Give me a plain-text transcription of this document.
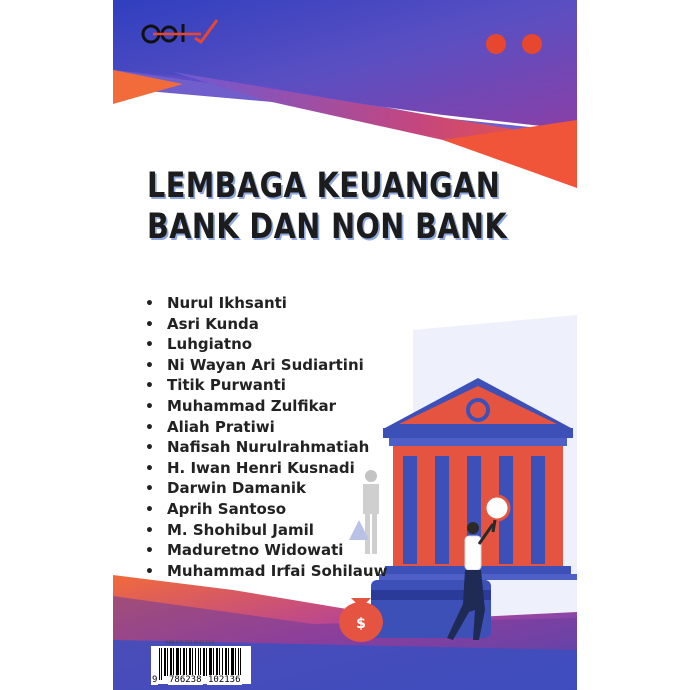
$
LEMBAGA KEUANGAN
BANK DAN NON BANK
• Nurul Ikhsanti
• Asri Kunda
• Luhgiatno
• Ni Wayan Ari Sudiartini
• Titik Purwanti
• Muhammad Zulfikar
• Aliah Pratiwi
• Nafisah Nurulrahmatiah
• H. Iwan Henri Kusnadi
• Darwin Damanik
• Aprih Santoso
• M. Shohibul Jamil
• Maduretno Widowati
• Muhammad Irfai Sohilauw
ISBN 978-623-8102-13-6
9 786238 102136
